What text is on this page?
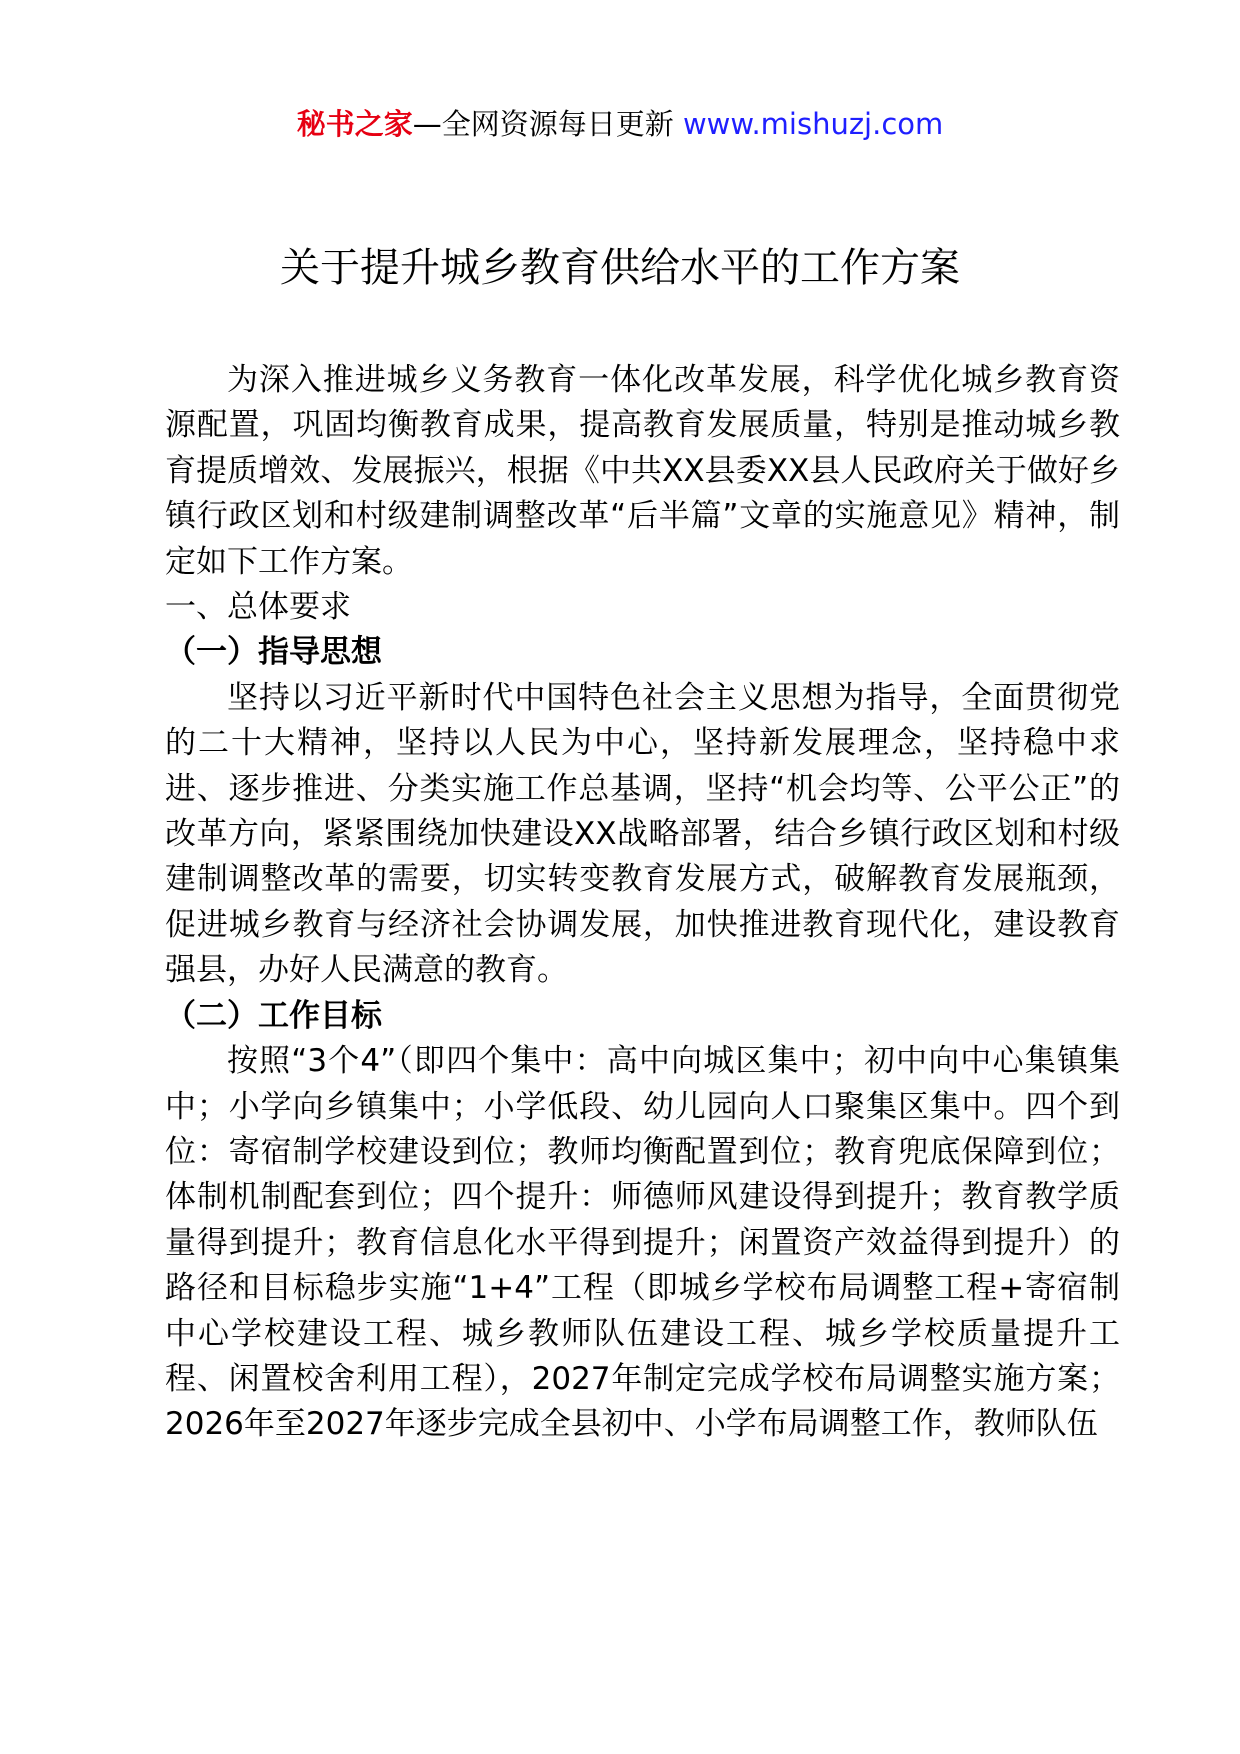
秘书之家—全网资源每日更新 www.mishuzj.com
关于提升城乡教育供给水平的工作方案

为深入推进城乡义务教育一体化改革发展，科学优化城乡教育资源配置，巩固均衡教育成果，提高教育发展质量，特别是推动城乡教育提质增效、发展振兴，根据《中共XX县委XX县人民政府关于做好乡镇行政区划和村级建制调整改革“后半篇”文章的实施意见》精神，制定如下工作方案。

一、总体要求

（一）指导思想

坚持以习近平新时代中国特色社会主义思想为指导，全面贯彻党的二十大精神，坚持以人民为中心，坚持新发展理念，坚持稳中求进、逐步推进、分类实施工作总基调，坚持“机会均等、公平公正”的改革方向，紧紧围绕加快建设XX战略部署，结合乡镇行政区划和村级建制调整改革的需要，切实转变教育发展方式，破解教育发展瓶颈，促进城乡教育与经济社会协调发展，加快推进教育现代化，建设教育强县，办好人民满意的教育。

（二）工作目标

按照“3个4”（即四个集中：高中向城区集中；初中向中心集镇集中；小学向乡镇集中；小学低段、幼儿园向人口聚集区集中。四个到位：寄宿制学校建设到位；教师均衡配置到位；教育兜底保障到位；体制机制配套到位；四个提升：师德师风建设得到提升；教育教学质量得到提升；教育信息化水平得到提升；闲置资产效益得到提升）的路径和目标稳步实施“1+4”工程（即城乡学校布局调整工程+寄宿制中心学校建设工程、城乡教师队伍建设工程、城乡学校质量提升工程、闲置校舍利用工程），2027年制定完成学校布局调整实施方案；2026年至2027年逐步完成全县初中、小学布局调整工作，教师队伍
